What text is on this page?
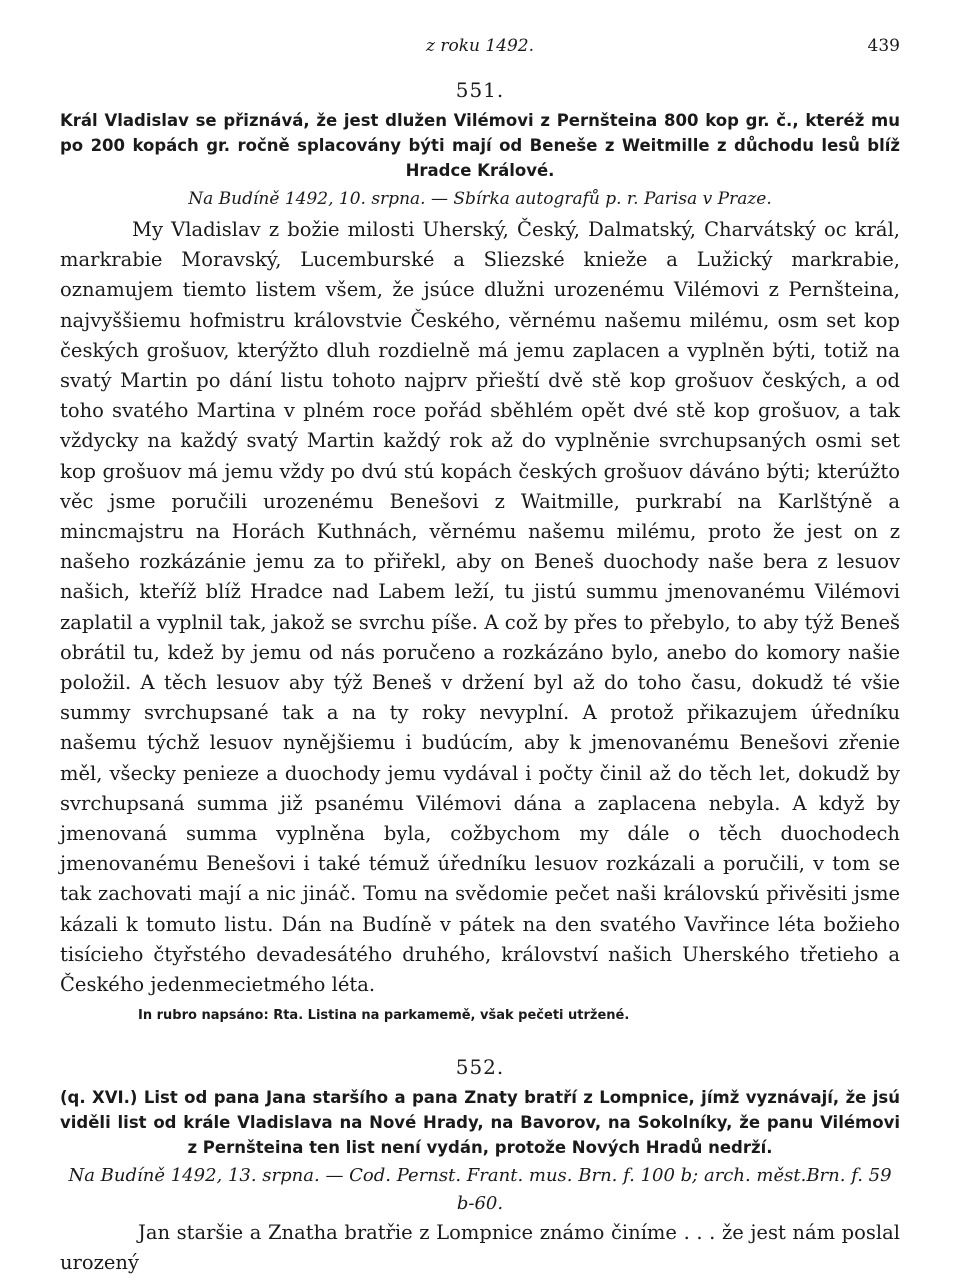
z roku 1492.	439
551.
Král Vladislav se přiznává, že jest dlužen Vilémovi z Pernšteina 800 kop gr. č., kteréž mu po 200 kopách gr. ročně splacovány býti mají od Beneše z Weitmille z důchodu lesů blíž Hradce Králové.
Na Budíně 1492, 10. srpna. — Sbírka autografů p. r. Parisa v Praze.
My Vladislav z božie milosti Uherský, Český, Dalmatský, Charvátský oc král, markrabie Moravský, Lucemburské a Sliezské knieže a Lužický markrabie, oznamujem tiemto listem všem, že jsúce dlužni urozenému Vilémovi z Pernšteina, najvyššiemu hofmistru královstvie Českého, věrnému našemu milému, osm set kop českých grošuov, kterýžto dluh rozdielně má jemu zaplacen a vyplněn býti, totiž na svatý Martin po dání listu tohoto najprv přieští dvě stě kop grošuov českých, a od toho svatého Martina v plném roce pořád sběhlém opět dvé stě kop grošuov, a tak vždycky na každý svatý Martin každý rok až do vyplněnie svrchupsaných osmi set kop grošuov má jemu vždy po dvú stú kopách českých grošuov dáváno býti; kterúžto věc jsme poručili urozenému Benešovi z Waitmille, purkrabí na Karlštýně a mincmajstru na Horách Kuthnách, věrnému našemu milému, proto že jest on z našeho rozkázánie jemu za to přiřekl, aby on Beneš duochody naše bera z lesuov našich, kteříž blíž Hradce nad Labem leží, tu jistú summu jmenovanému Vilémovi zaplatil a vyplnil tak, jakož se svrchu píše. A což by přes to přebylo, to aby týž Beneš obrátil tu, kdež by jemu od nás poručeno a rozkázáno bylo, anebo do komory našie položil. A těch lesuov aby týž Beneš v držení byl až do toho času, dokudž té všie summy svrchupsané tak a na ty roky nevyplní. A protož přikazujem úředníku našemu týchž lesuov nynějšiemu i budúcím, aby k jmenovanému Benešovi zřenie měl, všecky penieze a duochody jemu vydával i počty činil až do těch let, dokudž by svrchupsaná summa již psanému Vilémovi dána a zaplacena nebyla. A když by jmenovaná summa vyplněna byla, cožbychom my dále o těch duochodech jmenovanému Benešovi i také témuž úředníku lesuov rozkázali a poručili, v tom se tak zachovati mají a nic jináč. Tomu na svědomie pečet naši královskú přivěsiti jsme kázali k tomuto listu. Dán na Budíně v pátek na den svatého Vavřince léta božieho tisícieho čtyřstého devadesátého druhého, království našich Uherského třetieho a Českého jedenmecietmého léta.
In rubro napsáno: Rta. Listina na parkamemě, však pečeti utržené.
552.
(q. XVI.) List od pana Jana staršího a pana Znaty bratří z Lompnice, jímž vyznávají, že jsú viděli list od krále Vladislava na Nové Hrady, na Bavorov, na Sokolníky, že panu Vilémovi z Pernšteina ten list není vydán, protože Nových Hradů nedrží.
Na Budíně 1492, 13. srpna. — Cod. Pernst. Frant. mus. Brn. f. 100 b; arch. měst.Brn. f. 59 b-60.
Jan staršie a Znatha bratřie z Lompnice známo činíme . . . že jest nám poslal urozený
